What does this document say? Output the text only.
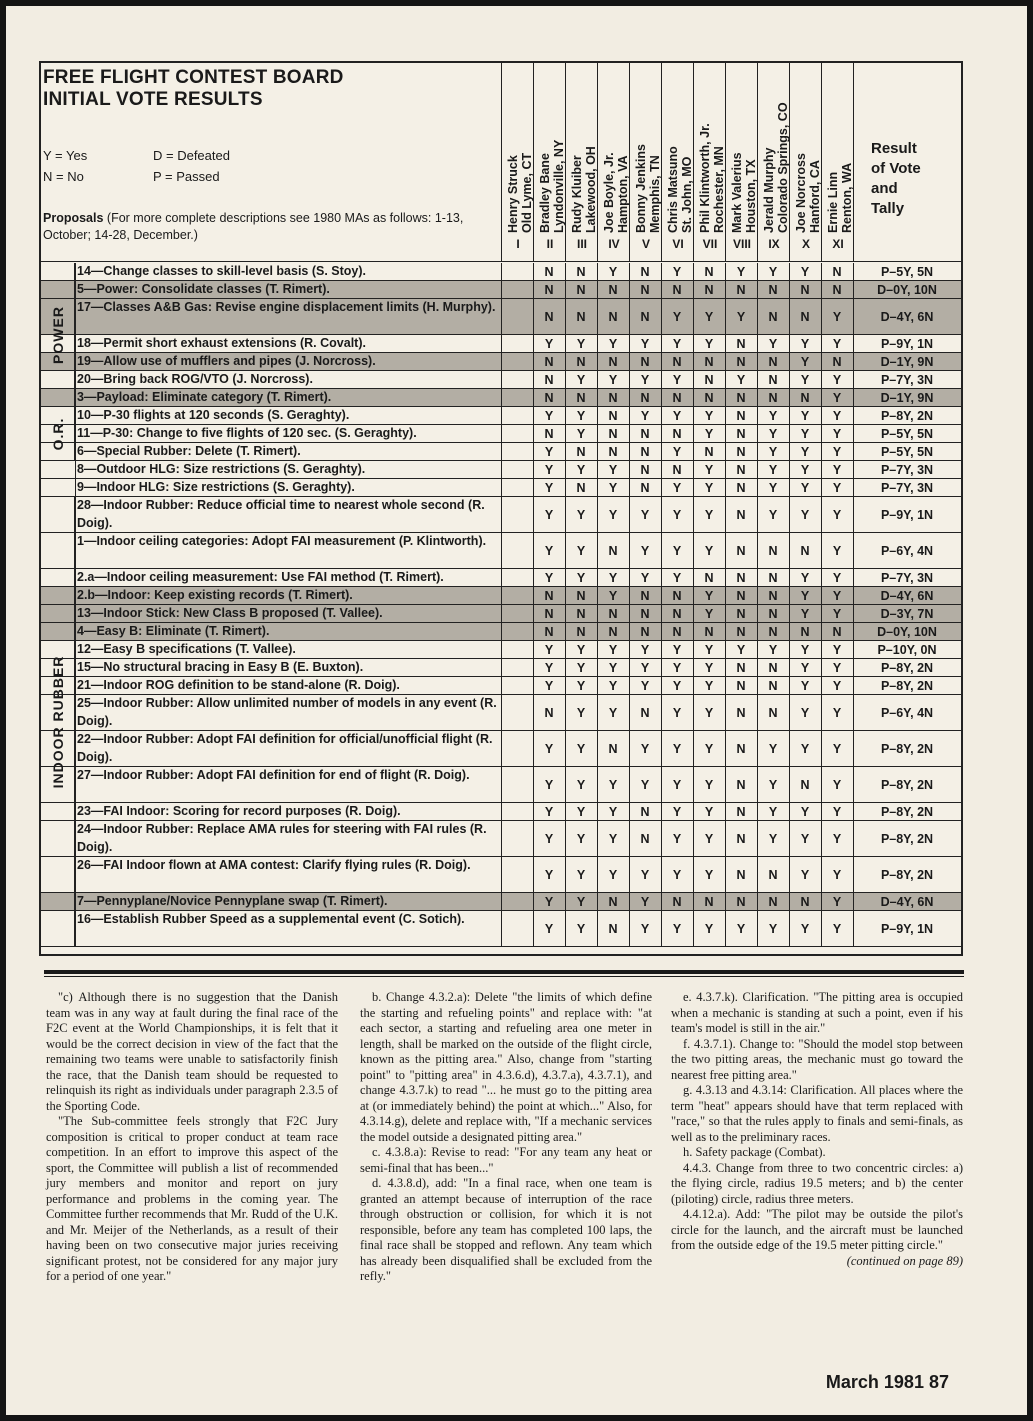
FREE FLIGHT CONTEST BOARD
INITIAL VOTE RESULTS
Y = Yes	D = Defeated
N = No	P = Passed
Proposals (For more complete descriptions see 1980 MAs as follows: 1-13, October; 14-28, December.)
Henry Struck Old Lyme, CT
I
Bradley Bane Lyndonville, NY
II
Rudy Kluiber Lakewood, OH
III
Joe Boyle, Jr. Hampton, VA
IV
Bonny Jenkins Memphis, TN
V
Chris Matsuno St. John, MO
VI
Phil Klintworth, Jr. Rochester, MN
VII
Mark Valerius Houston, TX
VIII
Jerald Murphy Colorado Springs, CO
IX
Joe Norcross Hanford, CA
X
Ernie Linn Renton, WA
XI
Result
of Vote
and
Tally
14—Change classes to skill-level basis (S. Stoy).	N	N	Y	N	Y	N	Y	Y	Y	N	P–5Y, 5N
5—Power: Consolidate classes (T. Rimert).	N	N	N	N	N	N	N	N	N	N	D–0Y, 10N
17—Classes A&B Gas: Revise engine displacement limits (H. Murphy).
N	N	N	N	Y	Y	Y	N	N	Y	D–4Y, 6N
18—Permit short exhaust extensions (R. Covalt).	Y	Y	Y	Y	Y	Y	N	Y	Y	Y	P–9Y, 1N
19—Allow use of mufflers and pipes (J. Norcross).	N	N	N	N	N	N	N	N	Y	N	D–1Y, 9N
20—Bring back ROG/VTO (J. Norcross).	N	Y	Y	Y	Y	N	Y	N	Y	Y	P–7Y, 3N
3—Payload: Eliminate category (T. Rimert).	N	N	N	N	N	N	N	N	N	Y	D–1Y, 9N
10—P-30 flights at 120 seconds (S. Geraghty).	Y	Y	N	Y	Y	Y	N	Y	Y	Y	P–8Y, 2N
11—P-30: Change to five flights of 120 sec. (S. Geraghty).	N	Y	N	N	N	Y	N	Y	Y	Y	P–5Y, 5N
6—Special Rubber: Delete (T. Rimert).	Y	N	N	N	Y	N	N	Y	Y	Y	P–5Y, 5N
8—Outdoor HLG: Size restrictions (S. Geraghty).	Y	Y	Y	N	N	Y	N	Y	Y	Y	P–7Y, 3N
9—Indoor HLG: Size restrictions (S. Geraghty).	Y	N	Y	N	Y	Y	N	Y	Y	Y	P–7Y, 3N
28—Indoor Rubber: Reduce official time to nearest whole second (R. Doig).
Y	Y	Y	Y	Y	Y	N	Y	Y	Y	P–9Y, 1N
1—Indoor ceiling categories: Adopt FAI measurement (P. Klintworth).
Y	Y	N	Y	Y	Y	N	N	N	Y	P–6Y, 4N
2.a—Indoor ceiling measurement: Use FAI method (T. Rimert).	Y	Y	Y	Y	Y	N	N	N	Y	Y	P–7Y, 3N
2.b—Indoor: Keep existing records (T. Rimert).	N	N	Y	N	N	Y	N	N	Y	Y	D–4Y, 6N
13—Indoor Stick: New Class B proposed (T. Vallee).	N	N	N	N	N	Y	N	N	Y	Y	D–3Y, 7N
4—Easy B: Eliminate (T. Rimert).	N	N	N	N	N	N	N	N	N	N	D–0Y, 10N
12—Easy B specifications (T. Vallee).	Y	Y	Y	Y	Y	Y	Y	Y	Y	Y	P–10Y, 0N
15—No structural bracing in Easy B (E. Buxton).	Y	Y	Y	Y	Y	Y	N	N	Y	Y	P–8Y, 2N
21—Indoor ROG definition to be stand-alone (R. Doig).	Y	Y	Y	Y	Y	Y	N	N	Y	Y	P–8Y, 2N
25—Indoor Rubber: Allow unlimited number of models in any event (R. Doig).
N	Y	Y	N	Y	Y	N	N	Y	Y	P–6Y, 4N
22—Indoor Rubber: Adopt FAI definition for official/unofficial flight (R. Doig).
Y	Y	N	Y	Y	Y	N	Y	Y	Y	P–8Y, 2N
27—Indoor Rubber: Adopt FAI definition for end of flight (R. Doig).
Y	Y	Y	Y	Y	Y	N	Y	N	Y	P–8Y, 2N
23—FAI Indoor: Scoring for record purposes (R. Doig).	Y	Y	Y	N	Y	Y	N	Y	Y	Y	P–8Y, 2N
24—Indoor Rubber: Replace AMA rules for steering with FAI rules (R. Doig).
Y	Y	Y	N	Y	Y	N	Y	Y	Y	P–8Y, 2N
26—FAI Indoor flown at AMA contest: Clarify flying rules (R. Doig).
Y	Y	Y	Y	Y	Y	N	N	Y	Y	P–8Y, 2N
7—Pennyplane/Novice Pennyplane swap (T. Rimert).	Y	Y	N	Y	N	N	N	N	N	Y	D–4Y, 6N
16—Establish Rubber Speed as a supplemental event (C. Sotich).
Y	Y	N	Y	Y	Y	Y	Y	Y	Y	P–9Y, 1N
POWER
O.R.
INDOOR RUBBER

"c) Although there is no suggestion that the Danish team was in any way at fault during the final race of the F2C event at the World Championships, it is felt that it would be the correct decision in view of the fact that the remaining two teams were unable to satisfactorily finish the race, that the Danish team should be requested to relinquish its right as individuals under paragraph 2.3.5 of the Sporting Code.

"The Sub-committee feels strongly that F2C Jury composition is critical to proper conduct at team race competition. In an effort to improve this aspect of the sport, the Committee will publish a list of recommended jury members and monitor and report on jury performance and problems in the coming year. The Committee further recommends that Mr. Rudd of the U.K. and Mr. Meijer of the Netherlands, as a result of their having been on two consecutive major juries receiving significant protest, not be considered for any major jury for a period of one year."

b. Change 4.3.2.a): Delete "the limits of which define the starting and refueling points" and replace with: "at each sector, a starting and refueling area one meter in length, shall be marked on the outside of the flight circle, known as the pitting area." Also, change from "starting point" to "pitting area" in 4.3.6.d), 4.3.7.a), 4.3.7.1), and change 4.3.7.k) to read "... he must go to the pitting area at (or immediately behind) the point at which..." Also, for 4.3.14.g), delete and replace with, "If a mechanic services the model outside a designated pitting area."

c. 4.3.8.a): Revise to read: "For any team any heat or semi-final that has been..."

d. 4.3.8.d), add: "In a final race, when one team is granted an attempt because of interruption of the race through obstruction or collision, for which it is not responsible, before any team has completed 100 laps, the final race shall be stopped and reflown. Any team which has already been disqualified shall be excluded from the refly."

e. 4.3.7.k). Clarification. "The pitting area is occupied when a mechanic is standing at such a point, even if his team's model is still in the air."

f. 4.3.7.1). Change to: "Should the model stop between the two pitting areas, the mechanic must go toward the nearest free pitting area."

g. 4.3.13 and 4.3.14: Clarification. All places where the term "heat" appears should have that term replaced with "race," so that the rules apply to finals and semi-finals, as well as to the preliminary races.

h. Safety package (Combat).

4.4.3. Change from three to two concentric circles: a) the flying circle, radius 19.5 meters; and b) the center (piloting) circle, radius three meters.

4.4.12.a). Add: "The pilot may be outside the pilot's circle for the launch, and the aircraft must be launched from the outside edge of the 19.5 meter pitting circle."

(continued on page 89)

March 1981 87
